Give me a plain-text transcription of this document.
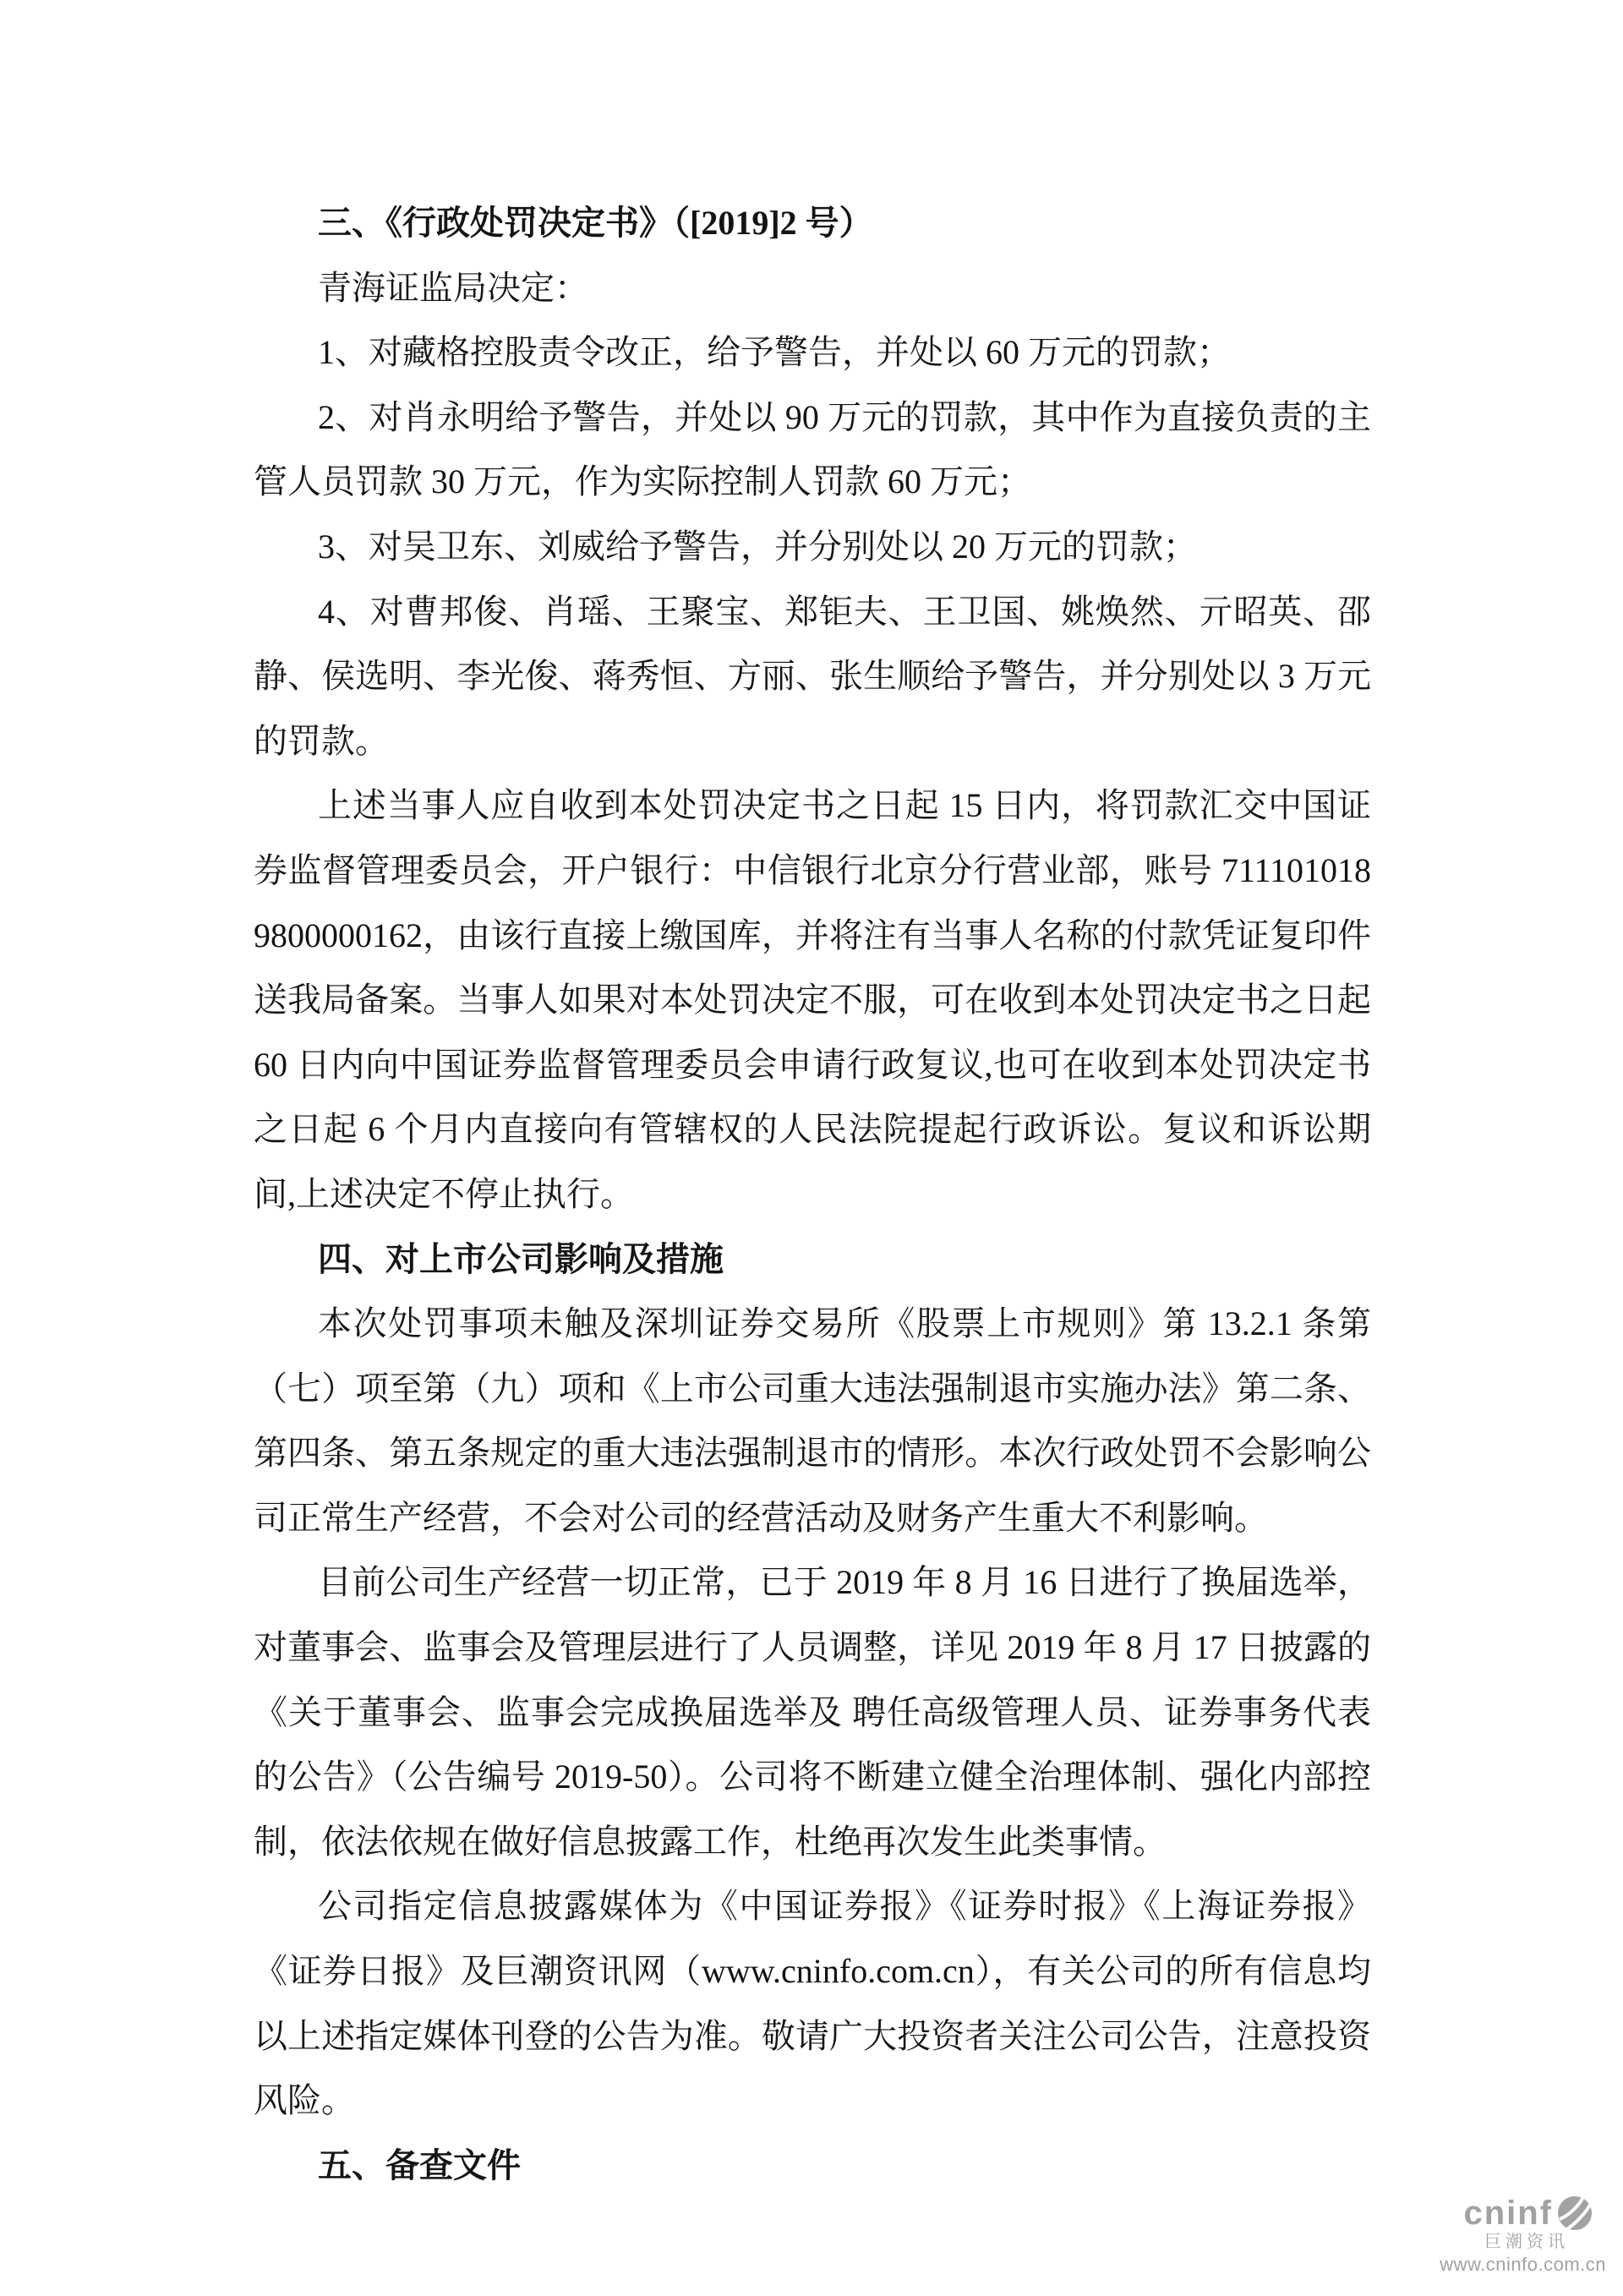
三、《行政处罚决定书》（[2019]2 号）

青海证监局决定：

1、对藏格控股责令改正，给予警告，并处以 60 万元的罚款；

2、对肖永明给予警告，并处以 90 万元的罚款，其中作为直接负责的主管人员罚款 30 万元，作为实际控制人罚款 60 万元；

3、对吴卫东、刘威给予警告，并分别处以 20 万元的罚款；

4、对曹邦俊、肖瑶、王聚宝、郑钜夫、王卫国、姚焕然、亓昭英、邵静、侯选明、李光俊、蒋秀恒、方丽、张生顺给予警告，并分别处以 3 万元的罚款。

上述当事人应自收到本处罚决定书之日起 15 日内，将罚款汇交中国证券监督管理委员会，开户银行：中信银行北京分行营业部，账号 7111010189800000162，由该行直接上缴国库，并将注有当事人名称的付款凭证复印件送我局备案。当事人如果对本处罚决定不服，可在收到本处罚决定书之日起 60 日内向中国证券监督管理委员会申请行政复议,也可在收到本处罚决定书之日起 6 个月内直接向有管辖权的人民法院提起行政诉讼。复议和诉讼期间,上述决定不停止执行。

四、对上市公司影响及措施

本次处罚事项未触及深圳证券交易所《股票上市规则》第 13.2.1 条第（七）项至第（九）项和《上市公司重大违法强制退市实施办法》第二条、第四条、第五条规定的重大违法强制退市的情形。本次行政处罚不会影响公司正常生产经营，不会对公司的经营活动及财务产生重大不利影响。

目前公司生产经营一切正常，已于 2019 年 8 月 16 日进行了换届选举，对董事会、监事会及管理层进行了人员调整，详见 2019 年 8 月 17 日披露的《关于董事会、监事会完成换届选举及 聘任高级管理人员、证券事务代表的公告》（公告编号 2019-50）。公司将不断建立健全治理体制、强化内部控制，依法依规在做好信息披露工作，杜绝再次发生此类事情。

公司指定信息披露媒体为《中国证券报》《证券时报》《上海证券报》《证券日报》及巨潮资讯网（www.cninfo.com.cn），有关公司的所有信息均以上述指定媒体刊登的公告为准。敬请广大投资者关注公司公告，注意投资风险。

五、备查文件

cninf
巨潮资讯
www.cninfo.com.cn
